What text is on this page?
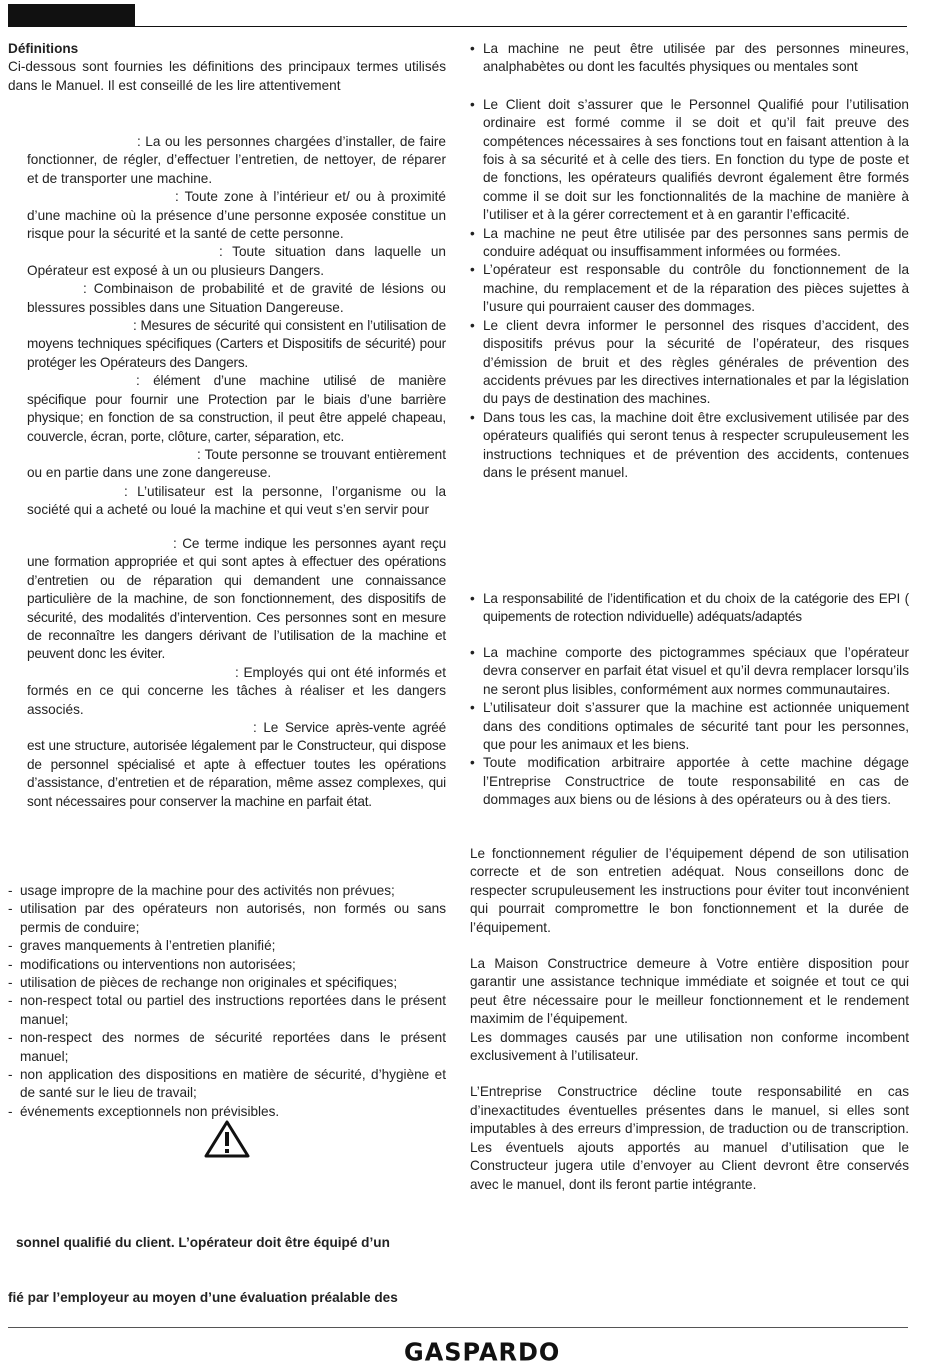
Définitions

Ci-dessous sont fournies les définitions des principaux termes utilisés dans le Manuel. Il est conseillé de les lire attentivement

: La ou les personnes chargées d’installer, de faire fonctionner, de régler, d’effectuer l’entretien, de nettoyer, de réparer et de transporter une machine.

: Toute zone à l’intérieur et/ ou à proximité d’une machine où la présence d’une personne exposée constitue un risque pour la sécurité et la santé de cette personne.

: Toute situation dans laquelle un Opérateur est exposé à un ou plusieurs Dangers.

: Combinaison de probabilité et de gravité de lésions ou blessures possibles dans une Situation Dangereuse.

: Mesures de sécurité qui consistent en l’utilisation de moyens techniques spécifiques (Carters et Dispositifs de sécurité) pour protéger les Opérateurs des Dangers.

: élément d’une machine utilisé de manière spécifique pour fournir une Protection par le biais d’une barrière physique; en fonction de sa construction, il peut être appelé chapeau, couvercle, écran, porte, clôture, carter, séparation, etc.

: Toute personne se trouvant entièrement ou en partie dans une zone dangereuse.

: L’utilisateur est la personne, l’organisme ou la société qui a acheté ou loué la machine et qui veut s’en servir pour

: Ce terme indique les personnes ayant reçu une formation appropriée et qui sont aptes à effectuer des opérations d’entretien ou de réparation qui demandent une connaissance particulière de la machine, de son fonctionnement, des dispositifs de sécurité, des modalités d’intervention. Ces personnes sont en mesure de reconnaître les dangers dérivant de l’utilisation de la machine et peuvent donc les éviter.

: Employés qui ont été informés et formés en ce qui concerne les tâches à réaliser et les dangers associés.

: Le Service après-vente agréé est une structure, autorisée légalement par le Constructeur, qui dispose de personnel spécialisé et apte à effectuer toutes les opérations d’assistance, d’entretien et de réparation, même assez complexes, qui sont nécessaires pour conserver la machine en parfait état.

- usage impropre de la machine pour des activités non prévues;
- utilisation par des opérateurs non autorisés, non formés ou sans permis de conduire;
- graves manquements à l’entretien planifié;
- modifications ou interventions non autorisées;
- utilisation de pièces de rechange non originales et spécifiques;
- non-respect total ou partiel des instructions reportées dans le présent manuel;
- non-respect des normes de sécurité reportées dans le présent manuel;
- non application des dispositions en matière de sécurité, d’hygiène et de santé sur le lieu de travail;
- événements exceptionnels non prévisibles.
sonnel qualifié du client. L’opérateur doit être équipé d’un
fié par l’employeur au moyen d’une évaluation préalable des
• La machine ne peut être utilisée par des personnes mineures, analphabètes ou dont les facultés physiques ou mentales sont
• Le Client doit s’assurer que le Personnel Qualifié pour l’utilisation ordinaire est formé comme il se doit et qu’il fait preuve des compétences nécessaires à ses fonctions tout en faisant attention à la fois à sa sécurité et à celle des tiers. En fonction du type de poste et de fonctions, les opérateurs qualifiés devront également être formés comme il se doit sur les fonctionnalités de la machine de manière à l’utiliser et à la gérer correctement et à en garantir l’efficacité.
• La machine ne peut être utilisée par des personnes sans permis de conduire adéquat ou insuffisamment informées ou formées.
• L’opérateur est responsable du contrôle du fonctionnement de la machine, du remplacement et de la réparation des pièces sujettes à l’usure qui pourraient causer des dommages.
• Le client devra informer le personnel des risques d’accident, des dispositifs prévus pour la sécurité de l’opérateur, des risques d’émission de bruit et des règles générales de prévention des accidents prévues par les directives internationales et par la législation du pays de destination des machines.
• Dans tous les cas, la machine doit être exclusivement utilisée par des opérateurs qualifiés qui seront tenus à respecter scrupuleusement les instructions techniques et de prévention des accidents, contenues dans le présent manuel.
• La responsabilité de l’identification et du choix de la catégorie des EPI ( quipements de rotection ndividuelle) adéquats/adaptés
• La machine comporte des pictogrammes spéciaux que l’opérateur devra conserver en parfait état visuel et qu’il devra remplacer lorsqu’ils ne seront plus lisibles, conformément aux normes communautaires.
• L’utilisateur doit s’assurer que la machine est actionnée uniquement dans des conditions optimales de sécurité tant pour les personnes, que pour les animaux et les biens.
• Toute modification arbitraire apportée à cette machine dégage l’Entreprise Constructrice de toute responsabilité en cas de dommages aux biens ou de lésions à des opérateurs ou à des tiers.

Le fonctionnement régulier de l’équipement dépend de son utilisation correcte et de son entretien adéquat. Nous conseillons donc de respecter scrupuleusement les instructions pour éviter tout inconvénient qui pourrait compromettre le bon fonctionnement et la durée de l’équipement.

La Maison Constructrice demeure à Votre entière disposition pour garantir une assistance technique immédiate et soignée et tout ce qui peut être nécessaire pour le meilleur fonctionnement et le rendement maximim de l’équipement.

Les dommages causés par une utilisation non conforme incombent exclusivement à l’utilisateur.

L’Entreprise Constructrice décline toute responsabilité en cas d’inexactitudes éventuelles présentes dans le manuel, si elles sont imputables à des erreurs d’impression, de traduction ou de transcription. Les éventuels ajouts apportés au manuel d’utilisation que le Constructeur jugera utile d’envoyer au Client devront être conservés avec le manuel, dont ils feront partie intégrante.

GASPARDO
